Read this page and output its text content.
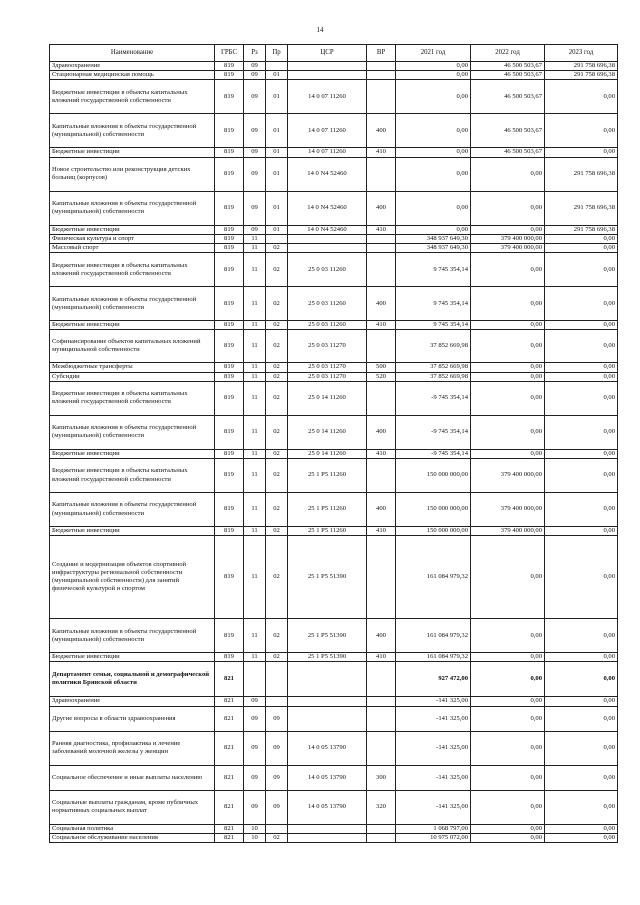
14
Наименование	ГРБС	Рз	Пр	ЦСР	ВР	2021 год	2022 год	2023 год
Здравоохранение	819	09				0,00	46 500 503,67	291 758 696,38
Стационарная медицинская помощь	819	09	01			0,00	46 500 503,67	291 758 696,38
Бюджетные инвестиции в объекты капитальных вложений государственной собственности	819	09	01	14 0 07 11260		0,00	46 500 503,67	0,00
Капитальные вложения в объекты государственной (муниципальной) собственности	819	09	01	14 0 07 11260	400	0,00	46 500 503,67	0,00
Бюджетные инвестиции	819	09	01	14 0 07 11260	410	0,00	46 500 503,67	0,00
Новое строительство или реконструкция детских больниц (корпусов)	819	09	01	14 0 N4 52460		0,00	0,00	291 758 696,38
Капитальные вложения в объекты государственной (муниципальной) собственности	819	09	01	14 0 N4 52460	400	0,00	0,00	291 758 696,38
Бюджетные инвестиции	819	09	01	14 0 N4 52460	410	0,00	0,00	291 758 696,38
Физическая культура и спорт	819	11				348 937 649,30	379 400 000,00	0,00
Массовый спорт	819	11	02			348 937 649,30	379 400 000,00	0,00
Бюджетные инвестиции в объекты капитальных вложений государственной собственности	819	11	02	25 0 03 11260		9 745 354,14	0,00	0,00
Капитальные вложения в объекты государственной (муниципальной) собственности	819	11	02	25 0 03 11260	400	9 745 354,14	0,00	0,00
Бюджетные инвестиции	819	11	02	25 0 03 11260	410	9 745 354,14	0,00	0,00
Софинансирование объектов капитальных вложений муниципальной собственности	819	11	02	25 0 03 11270		37 852 669,98	0,00	0,00
Межбюджетные трансферты	819	11	02	25 0 03 11270	500	37 852 669,98	0,00	0,00
Субсидии	819	11	02	25 0 03 11270	520	37 852 669,98	0,00	0,00
Бюджетные инвестиции в объекты капитальных вложений государственной собственности	819	11	02	25 0 14 11260		-9 745 354,14	0,00	0,00
Капитальные вложения в объекты государственной (муниципальной) собственности	819	11	02	25 0 14 11260	400	-9 745 354,14	0,00	0,00
Бюджетные инвестиции	819	11	02	25 0 14 11260	410	-9 745 354,14	0,00	0,00
Бюджетные инвестиции в объекты капитальных вложений государственной собственности	819	11	02	25 1 P5 11260		150 000 000,00	379 400 000,00	0,00
Капитальные вложения в объекты государственной (муниципальной) собственности	819	11	02	25 1 P5 11260	400	150 000 000,00	379 400 000,00	0,00
Бюджетные инвестиции	819	11	02	25 1 P5 11260	410	150 000 000,00	379 400 000,00	0,00
Создание и модернизация объектов спортивной инфраструктуры региональной собственности (муниципальной собственности) для занятий физической культурой и спортом	819	11	02	25 1 P5 51390		161 084 979,32	0,00	0,00
Капитальные вложения в объекты государственной (муниципальной) собственности	819	11	02	25 1 P5 51390	400	161 084 979,32	0,00	0,00
Бюджетные инвестиции	819	11	02	25 1 P5 51390	410	161 084 979,32	0,00	0,00
Департамент семьи, социальной и демографической политики Брянской области	821					927 472,00	0,00	0,00
Здравоохранение	821	09				-141 325,00	0,00	0,00
Другие вопросы в области здравоохранения	821	09	09			-141 325,00	0,00	0,00
Ранняя диагностика, профилактика и лечение заболеваний молочной железы у женщин	821	09	09	14 0 05 13790		-141 325,00	0,00	0,00
Социальное обеспечение и иные выплаты населению	821	09	09	14 0 05 13790	300	-141 325,00	0,00	0,00
Социальные выплаты гражданам, кроме публичных нормативных социальных выплат	821	09	09	14 0 05 13790	320	-141 325,00	0,00	0,00
Социальная политика	821	10				1 068 797,00	0,00	0,00
Социальное обслуживание населения	821	10	02			10 975 072,00	0,00	0,00
